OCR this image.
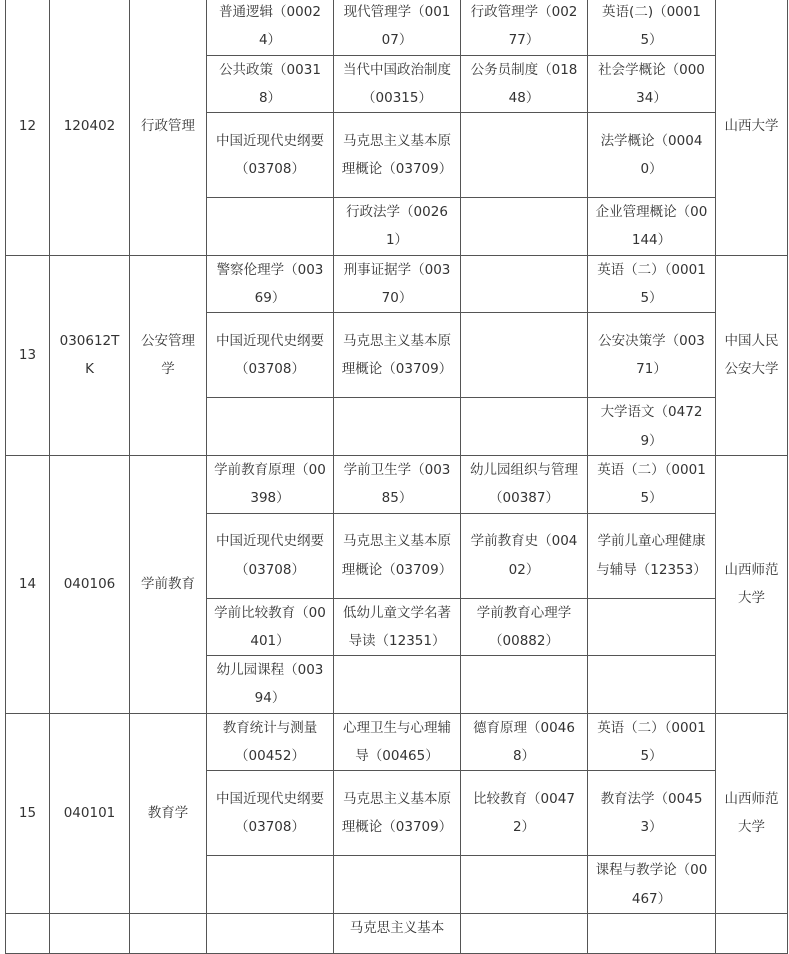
12	120402	行政管理	普通逻辑（00024）	现代管理学（00107）	行政管理学（00277）	英语(二)（00015）	山西大学
			公共政策（00318）	当代中国政治制度（00315）	公务员制度（01848）	社会学概论（00034）	
			中国近现代史纲要（03708）	马克思主义基本原理概论（03709）		法学概论（00040）	
				行政法学（00261）		企业管理概论（00144）	
13	030612TK	公安管理学	警察伦理学（00369）	刑事证据学（00370）		英语（二）（00015）	中国人民公安大学
			中国近现代史纲要（03708）	马克思主义基本原理概论（03709）		公安决策学（00371）	
						大学语文（04729）	
14	040106	学前教育	学前教育原理（00398）	学前卫生学（00385）	幼儿园组织与管理（00387）	英语（二）（00015）	山西师范大学
			中国近现代史纲要（03708）	马克思主义基本原理概论（03709）	学前教育史（00402）	学前儿童心理健康与辅导（12353）	
			学前比较教育（00401）	低幼儿童文学名著导读（12351）	学前教育心理学（00882）		
			幼儿园课程（00394）				
15	040101	教育学	教育统计与测量（00452）	心理卫生与心理辅导（00465）	德育原理（00468）	英语（二）（00015）	山西师范大学
			中国近现代史纲要（03708）	马克思主义基本原理概论（03709）	比较教育（00472）	教育法学（00453）	
						课程与教学论（00467）	
				马克思主义基本			
